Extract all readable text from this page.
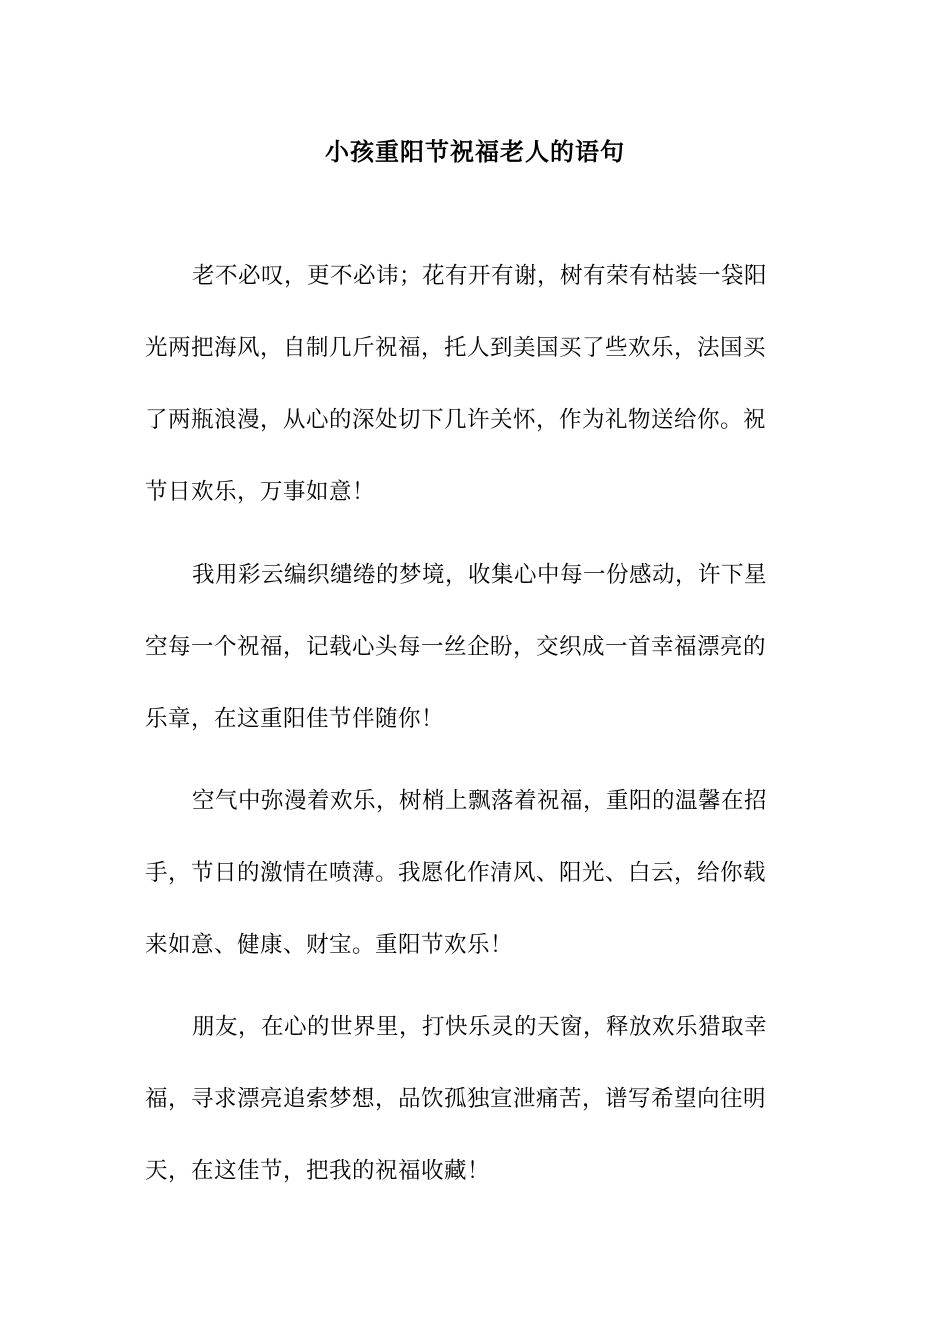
小孩重阳节祝福老人的语句

老不必叹，更不必讳；花有开有谢，树有荣有枯装一袋阳

光两把海风，自制几斤祝福，托人到美国买了些欢乐，法国买

了两瓶浪漫，从心的深处切下几许关怀，作为礼物送给你。祝

节日欢乐，万事如意！

我用彩云编织缱绻的梦境，收集心中每一份感动，许下星

空每一个祝福，记载心头每一丝企盼，交织成一首幸福漂亮的

乐章，在这重阳佳节伴随你！

空气中弥漫着欢乐，树梢上飘落着祝福，重阳的温馨在招

手，节日的激情在喷薄。我愿化作清风、阳光、白云，给你载

来如意、健康、财宝。重阳节欢乐！

朋友，在心的世界里，打快乐灵的天窗，释放欢乐猎取幸

福，寻求漂亮追索梦想，品饮孤独宣泄痛苦，谱写希望向往明

天，在这佳节，把我的祝福收藏！
